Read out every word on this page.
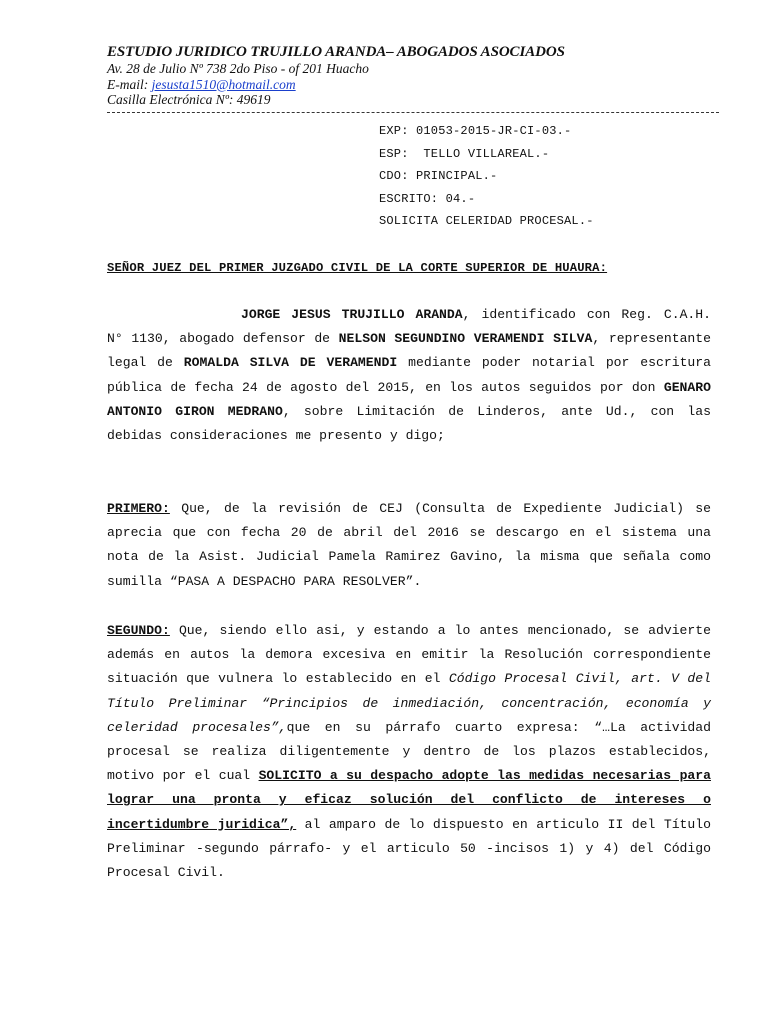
ESTUDIO JURIDICO TRUJILLO ARANDA– ABOGADOS ASOCIADOS
Av. 28 de Julio Nº 738 2do Piso - of 201 Huacho
E-mail: jesusta1510@hotmail.com
Casilla Electrónica Nº: 49619
EXP: 01053-2015-JR-CI-03.-
ESP:  TELLO VILLAREAL.-
CDO: PRINCIPAL.-
ESCRITO: 04.-
SOLICITA CELERIDAD PROCESAL.-
SEÑOR JUEZ DEL PRIMER JUZGADO CIVIL DE LA CORTE SUPERIOR DE HUAURA:
JORGE JESUS TRUJILLO ARANDA, identificado con Reg. C.A.H. N° 1130, abogado defensor de NELSON SEGUNDINO VERAMENDI SILVA, representante legal de ROMALDA SILVA DE VERAMENDI mediante poder notarial por escritura pública de fecha 24 de agosto del 2015, en los autos seguidos por don GENARO ANTONIO GIRON MEDRANO, sobre Limitación de Linderos, ante Ud., con las debidas consideraciones me presento y digo;
PRIMERO: Que, de la revisión de CEJ (Consulta de Expediente Judicial) se aprecia que con fecha 20 de abril del 2016 se descargo en el sistema una nota de la Asist. Judicial Pamela Ramirez Gavino, la misma que señala como sumilla “PASA A DESPACHO PARA RESOLVER”.
SEGUNDO: Que, siendo ello asi, y estando a lo antes mencionado, se advierte además en autos la demora excesiva en emitir la Resolución correspondiente situación que vulnera lo establecido en el Código Procesal Civil, art. V del Título Preliminar “Principios de inmediación, concentración, economía y celeridad procesales”,que en su párrafo cuarto expresa: “…La actividad procesal se realiza diligentemente y dentro de los plazos establecidos, motivo por el cual SOLICITO a su despacho adopte las medidas necesarias para lograr una pronta y eficaz solución del conflicto de intereses o incertidumbre juridica”, al amparo de lo dispuesto en articulo II del Título Preliminar -segundo párrafo- y el articulo 50 -incisos 1) y 4) del Código Procesal Civil.
